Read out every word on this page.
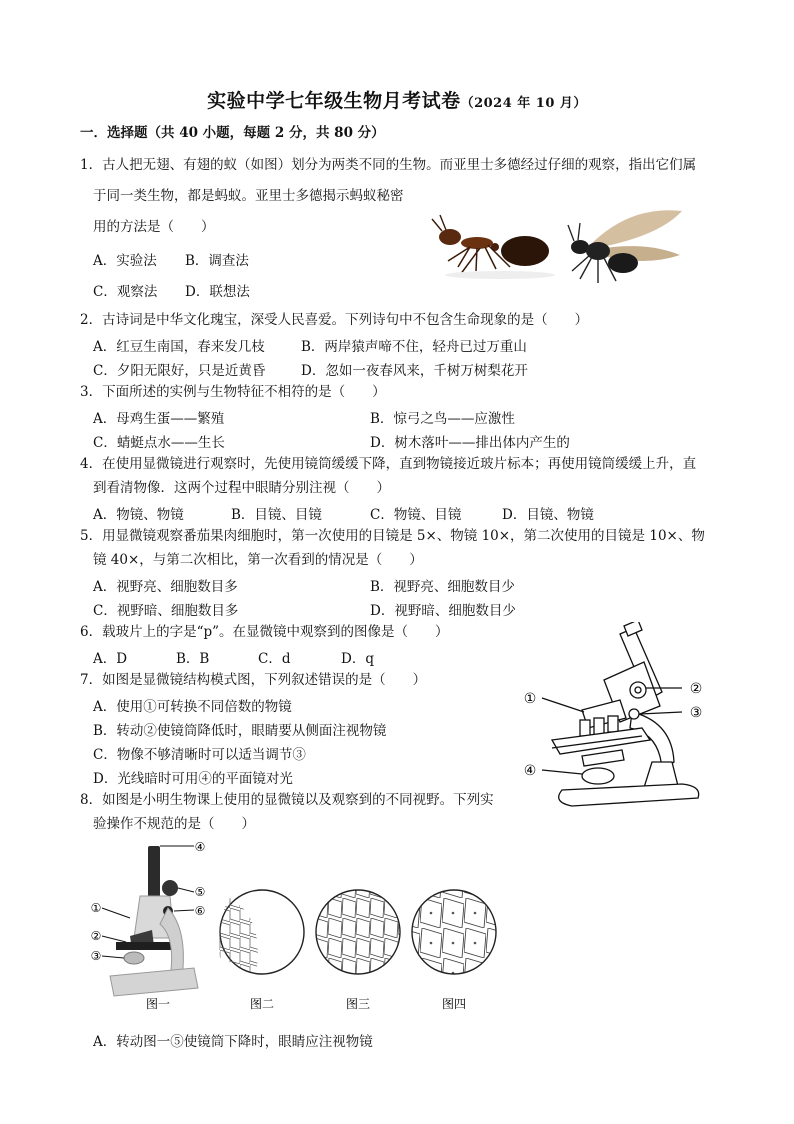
实验中学七年级生物月考试卷（2024 年 10 月）
一．选择题（共 40 小题，每题 2 分，共 80 分）
1．古人把无翅、有翅的蚁（如图）划分为两类不同的生物。而亚里士多德经过仔细的观察，指出它们属
于同一类生物，都是蚂蚁。亚里士多德揭示蚂蚁秘密
用的方法是（　　）
A．实验法 B．调查法
C．观察法 D．联想法
2．古诗词是中华文化瑰宝，深受人民喜爱。下列诗句中不包含生命现象的是（　　）
A．红豆生南国，春来发几枝	B．两岸猿声啼不住，轻舟已过万重山
C．夕阳无限好，只是近黄昏	D．忽如一夜春风来，千树万树梨花开
3．下面所述的实例与生物特征不相符的是（　　）
A．母鸡生蛋——繁殖	B．惊弓之鸟——应激性
C．蜻蜓点水——生长	D．树木落叶——排出体内产生的
4．在使用显微镜进行观察时，先使用镜筒缓缓下降，直到物镜接近玻片标本；再使用镜筒缓缓上升，直
到看清物像．这两个过程中眼睛分别注视（　　）
A．物镜、物镜	B．目镜、目镜	C．物镜、目镜	D．目镜、物镜
5．用显微镜观察番茄果肉细胞时，第一次使用的目镜是 5×、物镜 10×，第二次使用的目镜是 10×、物
镜 40×，与第二次相比，第一次看到的情况是（　　）
A．视野亮、细胞数目多	B．视野亮、细胞数目少
C．视野暗、细胞数目多	D．视野暗、细胞数目少
6．载玻片上的字是“p”。在显微镜中观察到的图像是（　　）
A．D	B．B	C．d	D．q
7．如图是显微镜结构模式图，下列叙述错误的是（　　）
A．使用①可转换不同倍数的物镜
B．转动②使镜筒降低时，眼睛要从侧面注视物镜
C．物像不够清晰时可以适当调节③
D．光线暗时可用④的平面镜对光
①
②
③
④
8．如图是小明生物课上使用的显微镜以及观察到的不同视野。下列实
验操作不规范的是（　　）
④
⑤
⑥
①
②
③
图一	图二	图三	图四
A．转动图一⑤使镜筒下降时，眼睛应注视物镜
